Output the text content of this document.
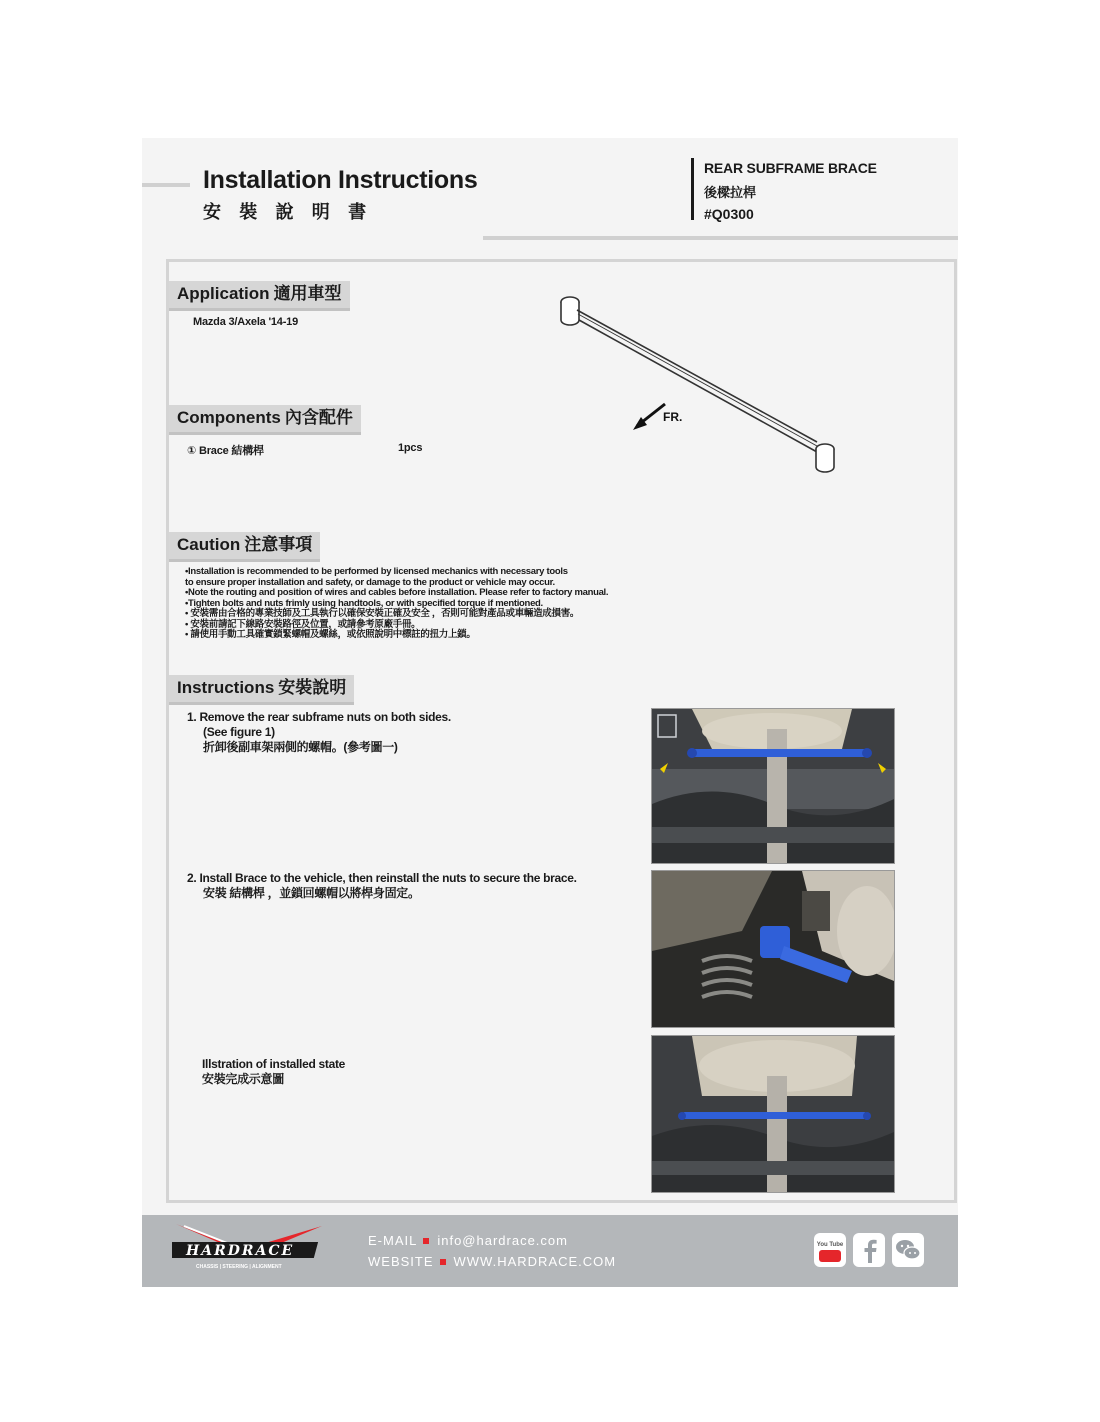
Installation Instructions
安 裝 說 明 書
REAR SUBFRAME BRACE
後樑拉桿
#Q0300
Application 適用車型
Mazda 3/Axela '14-19
Components 內含配件
① Brace 結構桿	1pcs
FR.
Caution 注意事項
•Installation is recommended to be performed by licensed mechanics with necessary tools
to ensure proper installation and safety, or damage to the product or vehicle may occur.
•Note the routing and position of wires and cables before installation. Please refer to factory manual.
•Tighten bolts and nuts frimly using handtools, or with specified torque if mentioned.
• 安裝需由合格的專業技師及工具執行以確保安裝正確及安全 ，否則可能對產品或車輛造成損害。
• 安裝前請記下線路安裝路徑及位置，或請參考原廠手冊。
• 請使用手動工具確實鎖緊螺帽及螺絲，或依照說明中標註的扭力上鎖。
Instructions 安裝說明
1. Remove the rear subframe nuts on both sides.
(See figure 1)
折卸後副車架兩側的螺帽。(參考圖一)
2. Install Brace to the vehicle, then reinstall the nuts to secure the brace.
安裝 結構桿 ，並鎖回螺帽以將桿身固定。
Illstration of installed state
安裝完成示意圖
HARDRACE
CHASSIS | STEERING | ALIGNMENT
E-MAIL info@hardrace.com
WEBSITE WWW.HARDRACE.COM
You Tube
